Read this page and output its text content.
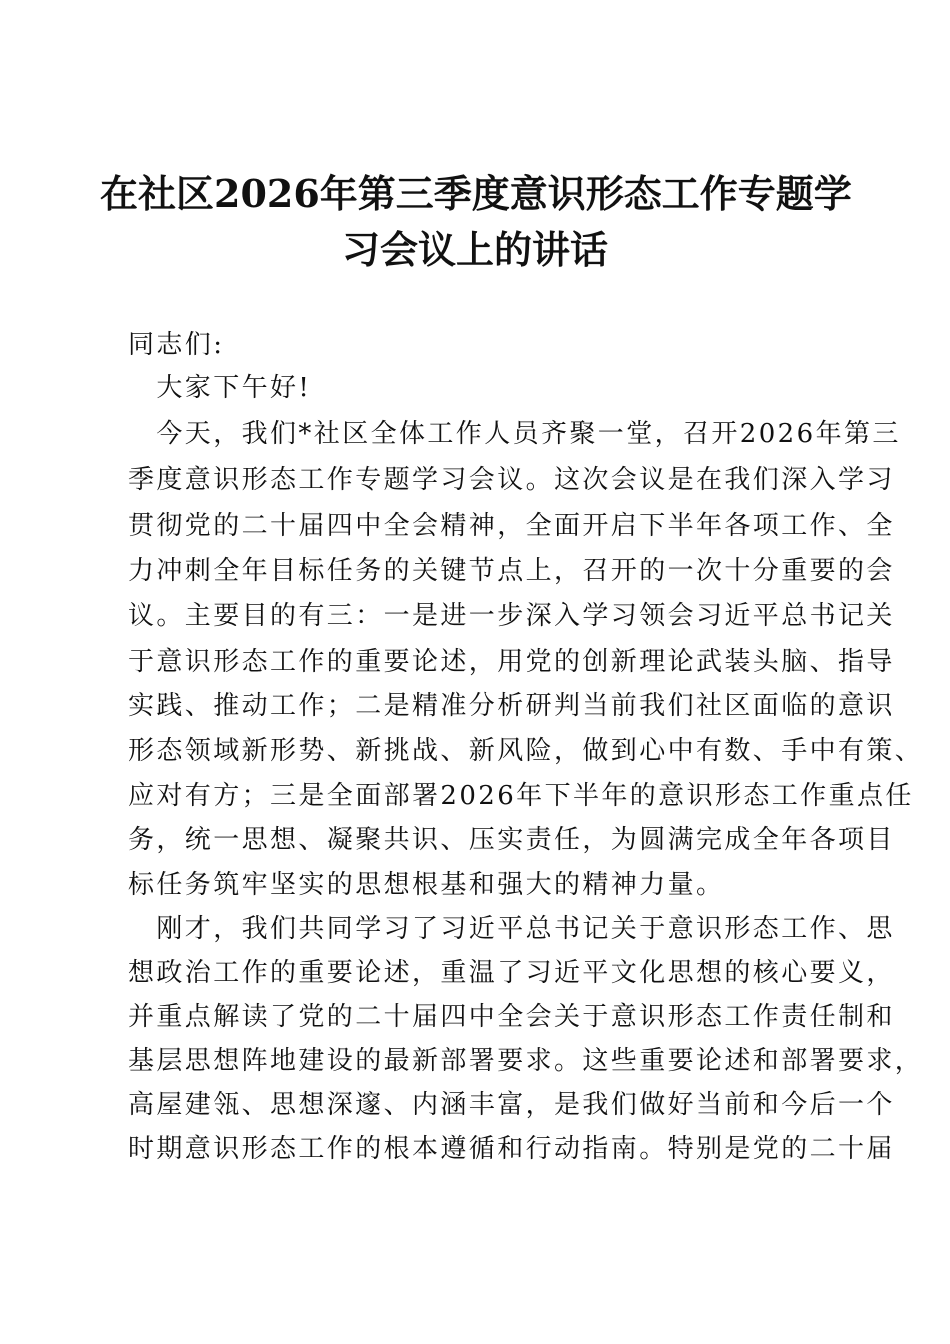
在社区2026年第三季度意识形态工作专题学
习会议上的讲话
同志们:
　大家下午好!
　今天，我们*社区全体工作人员齐聚一堂，召开2026年第三
季度意识形态工作专题学习会议。这次会议是在我们深入学习
贯彻党的二十届四中全会精神，全面开启下半年各项工作、全
力冲刺全年目标任务的关键节点上，召开的一次十分重要的会
议。主要目的有三：一是进一步深入学习领会习近平总书记关
于意识形态工作的重要论述，用党的创新理论武装头脑、指导
实践、推动工作；二是精准分析研判当前我们社区面临的意识
形态领域新形势、新挑战、新风险，做到心中有数、手中有策、
应对有方；三是全面部署2026年下半年的意识形态工作重点任
务，统一思想、凝聚共识、压实责任，为圆满完成全年各项目
标任务筑牢坚实的思想根基和强大的精神力量。
　刚才，我们共同学习了习近平总书记关于意识形态工作、思
想政治工作的重要论述，重温了习近平文化思想的核心要义，
并重点解读了党的二十届四中全会关于意识形态工作责任制和
基层思想阵地建设的最新部署要求。这些重要论述和部署要求，
高屋建瓴、思想深邃、内涵丰富，是我们做好当前和今后一个
时期意识形态工作的根本遵循和行动指南。特别是党的二十届
